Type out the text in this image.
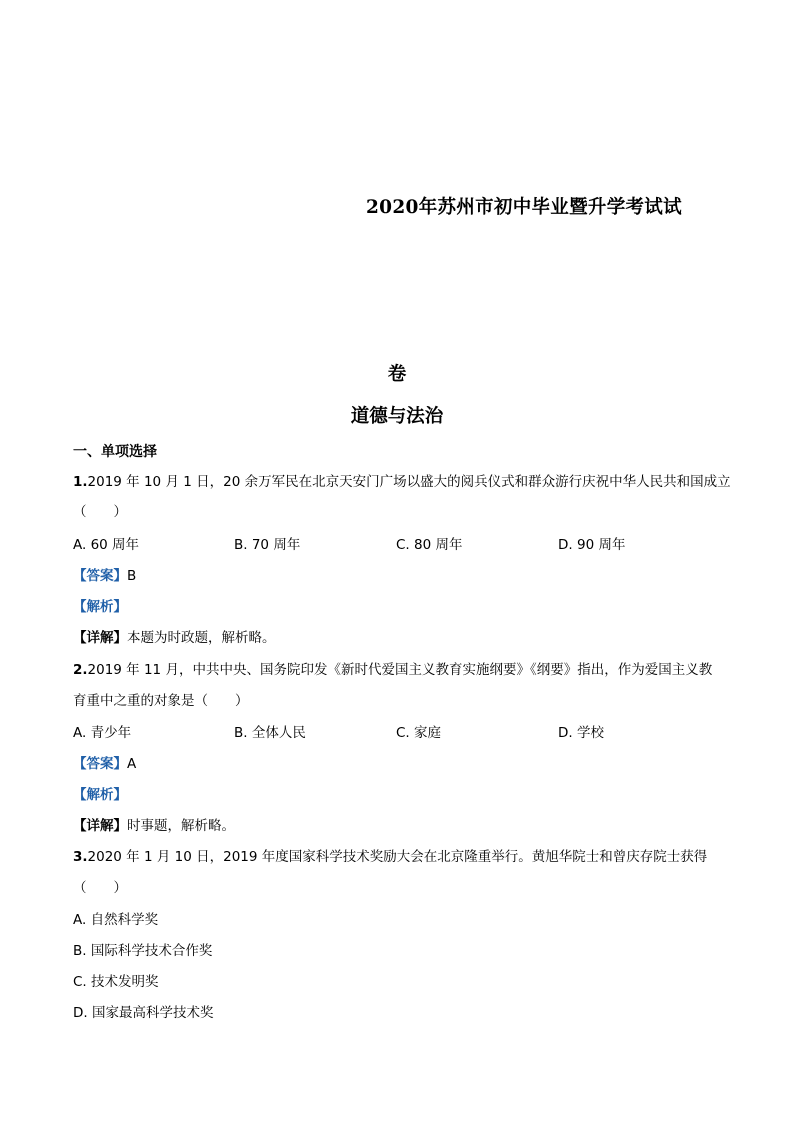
2020年苏州市初中毕业暨升学考试试
卷
道德与法治
一、单项选择
1.2019 年 10 月 1 日，20 余万军民在北京天安门广场以盛大的阅兵仪式和群众游行庆祝中华人民共和国成立
（　　）
A. 60 周年	B. 70 周年	C. 80 周年	D. 90 周年
【答案】B
【解析】
【详解】本题为时政题，解析略。
2.2019 年 11 月，中共中央、国务院印发《新时代爱国主义教育实施纲要》《纲要》指出，作为爱国主义教
育重中之重的对象是（　　）
A. 青少年	B. 全体人民	C. 家庭	D. 学校
【答案】A
【解析】
【详解】时事题，解析略。
3.2020 年 1 月 10 日，2019 年度国家科学技术奖励大会在北京隆重举行。黄旭华院士和曾庆存院士获得
（　　）
A. 自然科学奖
B. 国际科学技术合作奖
C. 技术发明奖
D. 国家最高科学技术奖
